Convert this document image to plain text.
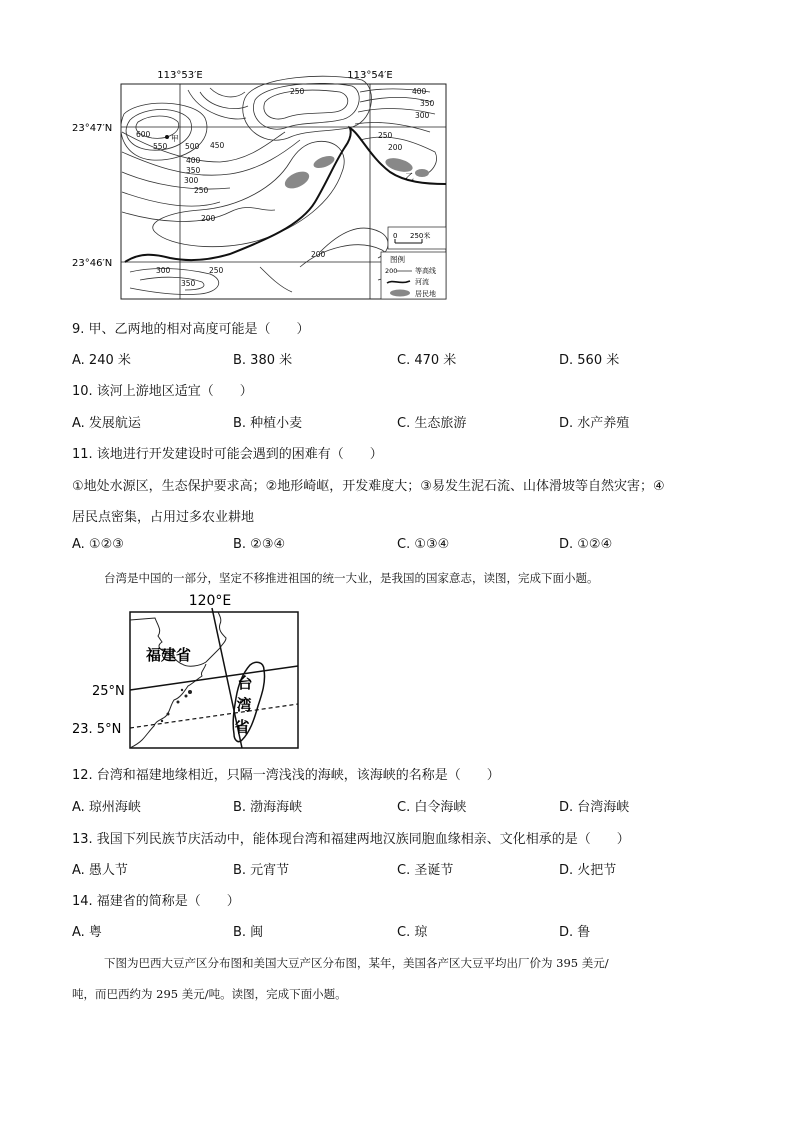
113°53′E	113°54′E
23°47′N
23°46′N
250	400
350
300
250
200
600
550 500 450
400
350
300
250
200
200
300	250
350
甲
乙
0 250米
图例
200	等高线
河流
居民地
9. 甲、乙两地的相对高度可能是（　　）
A. 240 米	B. 380 米	C. 470 米	D. 560 米
10. 该河上游地区适宜（　　）
A. 发展航运	B. 种植小麦	C. 生态旅游	D. 水产养殖
11. 该地进行开发建设时可能会遇到的困难有（　　）
①地处水源区，生态保护要求高；②地形崎岖，开发难度大；③易发生泥石流、山体滑坡等自然灾害；④
居民点密集，占用过多农业耕地
A. ①②③	B. ②③④	C. ①③④	D. ①②④
台湾是中国的一部分，坚定不移推进祖国的统一大业，是我国的国家意志，读图，完成下面小题。
120°E
25°N
23. 5°N
福建省
台
湾
省
12. 台湾和福建地缘相近，只隔一湾浅浅的海峡，该海峡的名称是（　　）
A. 琼州海峡	B. 渤海海峡	C. 白令海峡	D. 台湾海峡
13. 我国下列民族节庆活动中，能体现台湾和福建两地汉族同胞血缘相亲、文化相承的是（　　）
A. 愚人节	B. 元宵节	C. 圣诞节	D. 火把节
14. 福建省的简称是（　　）
A. 粤	B. 闽	C. 琼	D. 鲁
下图为巴西大豆产区分布图和美国大豆产区分布图，某年，美国各产区大豆平均出厂价为 395 美元/
吨，而巴西约为 295 美元/吨。读图，完成下面小题。
